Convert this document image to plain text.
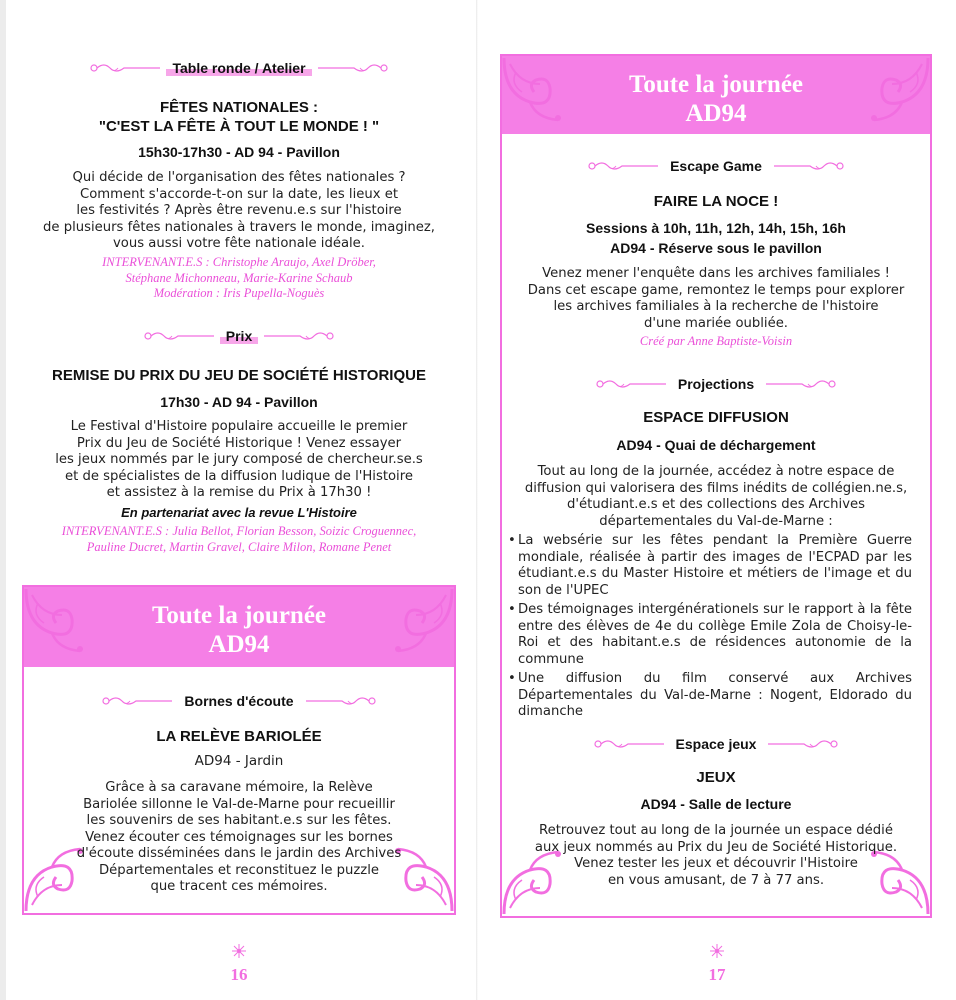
Table ronde / Atelier
FÊTES NATIONALES :
"C'EST LA FÊTE À TOUT LE MONDE ! "
15h30-17h30 - AD 94 - Pavillon
Qui décide de l'organisation des fêtes nationales ?
Comment s'accorde-t-on sur la date, les lieux et
les festivités ? Après être revenu.e.s sur l'histoire
de plusieurs fêtes nationales à travers le monde, imaginez,
vous aussi votre fête nationale idéale.
INTERVENANT.E.S : Christophe Araujo, Axel Dröber,
Stéphane Michonneau, Marie-Karine Schaub
Modération : Iris Pupella-Noguès
Prix
REMISE DU PRIX DU JEU DE SOCIÉTÉ HISTORIQUE
17h30 - AD 94 - Pavillon
Le Festival d'Histoire populaire accueille le premier
Prix du Jeu de Société Historique ! Venez essayer
les jeux nommés par le jury composé de chercheur.se.s
et de spécialistes de la diffusion ludique de l'Histoire
et assistez à la remise du Prix à 17h30 !
En partenariat avec la revue L'Histoire
INTERVENANT.E.S : Julia Bellot, Florian Besson, Soizic Croguennec,
Pauline Ducret, Martin Gravel, Claire Milon, Romane Penet
Toute la journée
AD94
Bornes d'écoute
LA RELÈVE BARIOLÉE
AD94 - Jardin
Grâce à sa caravane mémoire, la Relève
Bariolée sillonne le Val-de-Marne pour recueillir
les souvenirs de ses habitant.e.s sur les fêtes.
Venez écouter ces témoignages sur les bornes
d'écoute disséminées dans le jardin des Archives
Départementales et reconstituez le puzzle
que tracent ces mémoires.
16
Toute la journée
AD94
Escape Game
FAIRE LA NOCE !
Sessions à 10h, 11h, 12h, 14h, 15h, 16h
AD94 - Réserve sous le pavillon
Venez mener l'enquête dans les archives familiales !
Dans cet escape game, remontez le temps pour explorer
les archives familiales à la recherche de l'histoire
d'une mariée oubliée.
Créé par Anne Baptiste-Voisin
Projections
ESPACE DIFFUSION
AD94 - Quai de déchargement
Tout au long de la journée, accédez à notre espace de
diffusion qui valorisera des films inédits de collégien.ne.s,
d'étudiant.e.s et des collections des Archives
départementales du Val-de-Marne :
• La websérie sur les fêtes pendant la Première Guerre mondiale, réalisée à partir des images de l'ECPAD par les étudiant.e.s du Master Histoire et métiers de l'image et du son de l'UPEC
• Des témoignages intergénérationels sur le rapport à la fête entre des élèves de 4e du collège Emile Zola de Choisy-le-Roi et des habitant.e.s de résidences autonomie de la commune
• Une diffusion du film conservé aux Archives Départementales du Val-de-Marne : Nogent, Eldorado du dimanche
Espace jeux
JEUX
AD94 - Salle de lecture
Retrouvez tout au long de la journée un espace dédié
aux jeux nommés au Prix du Jeu de Société Historique.
Venez tester les jeux et découvrir l'Histoire
en vous amusant, de 7 à 77 ans.
17
